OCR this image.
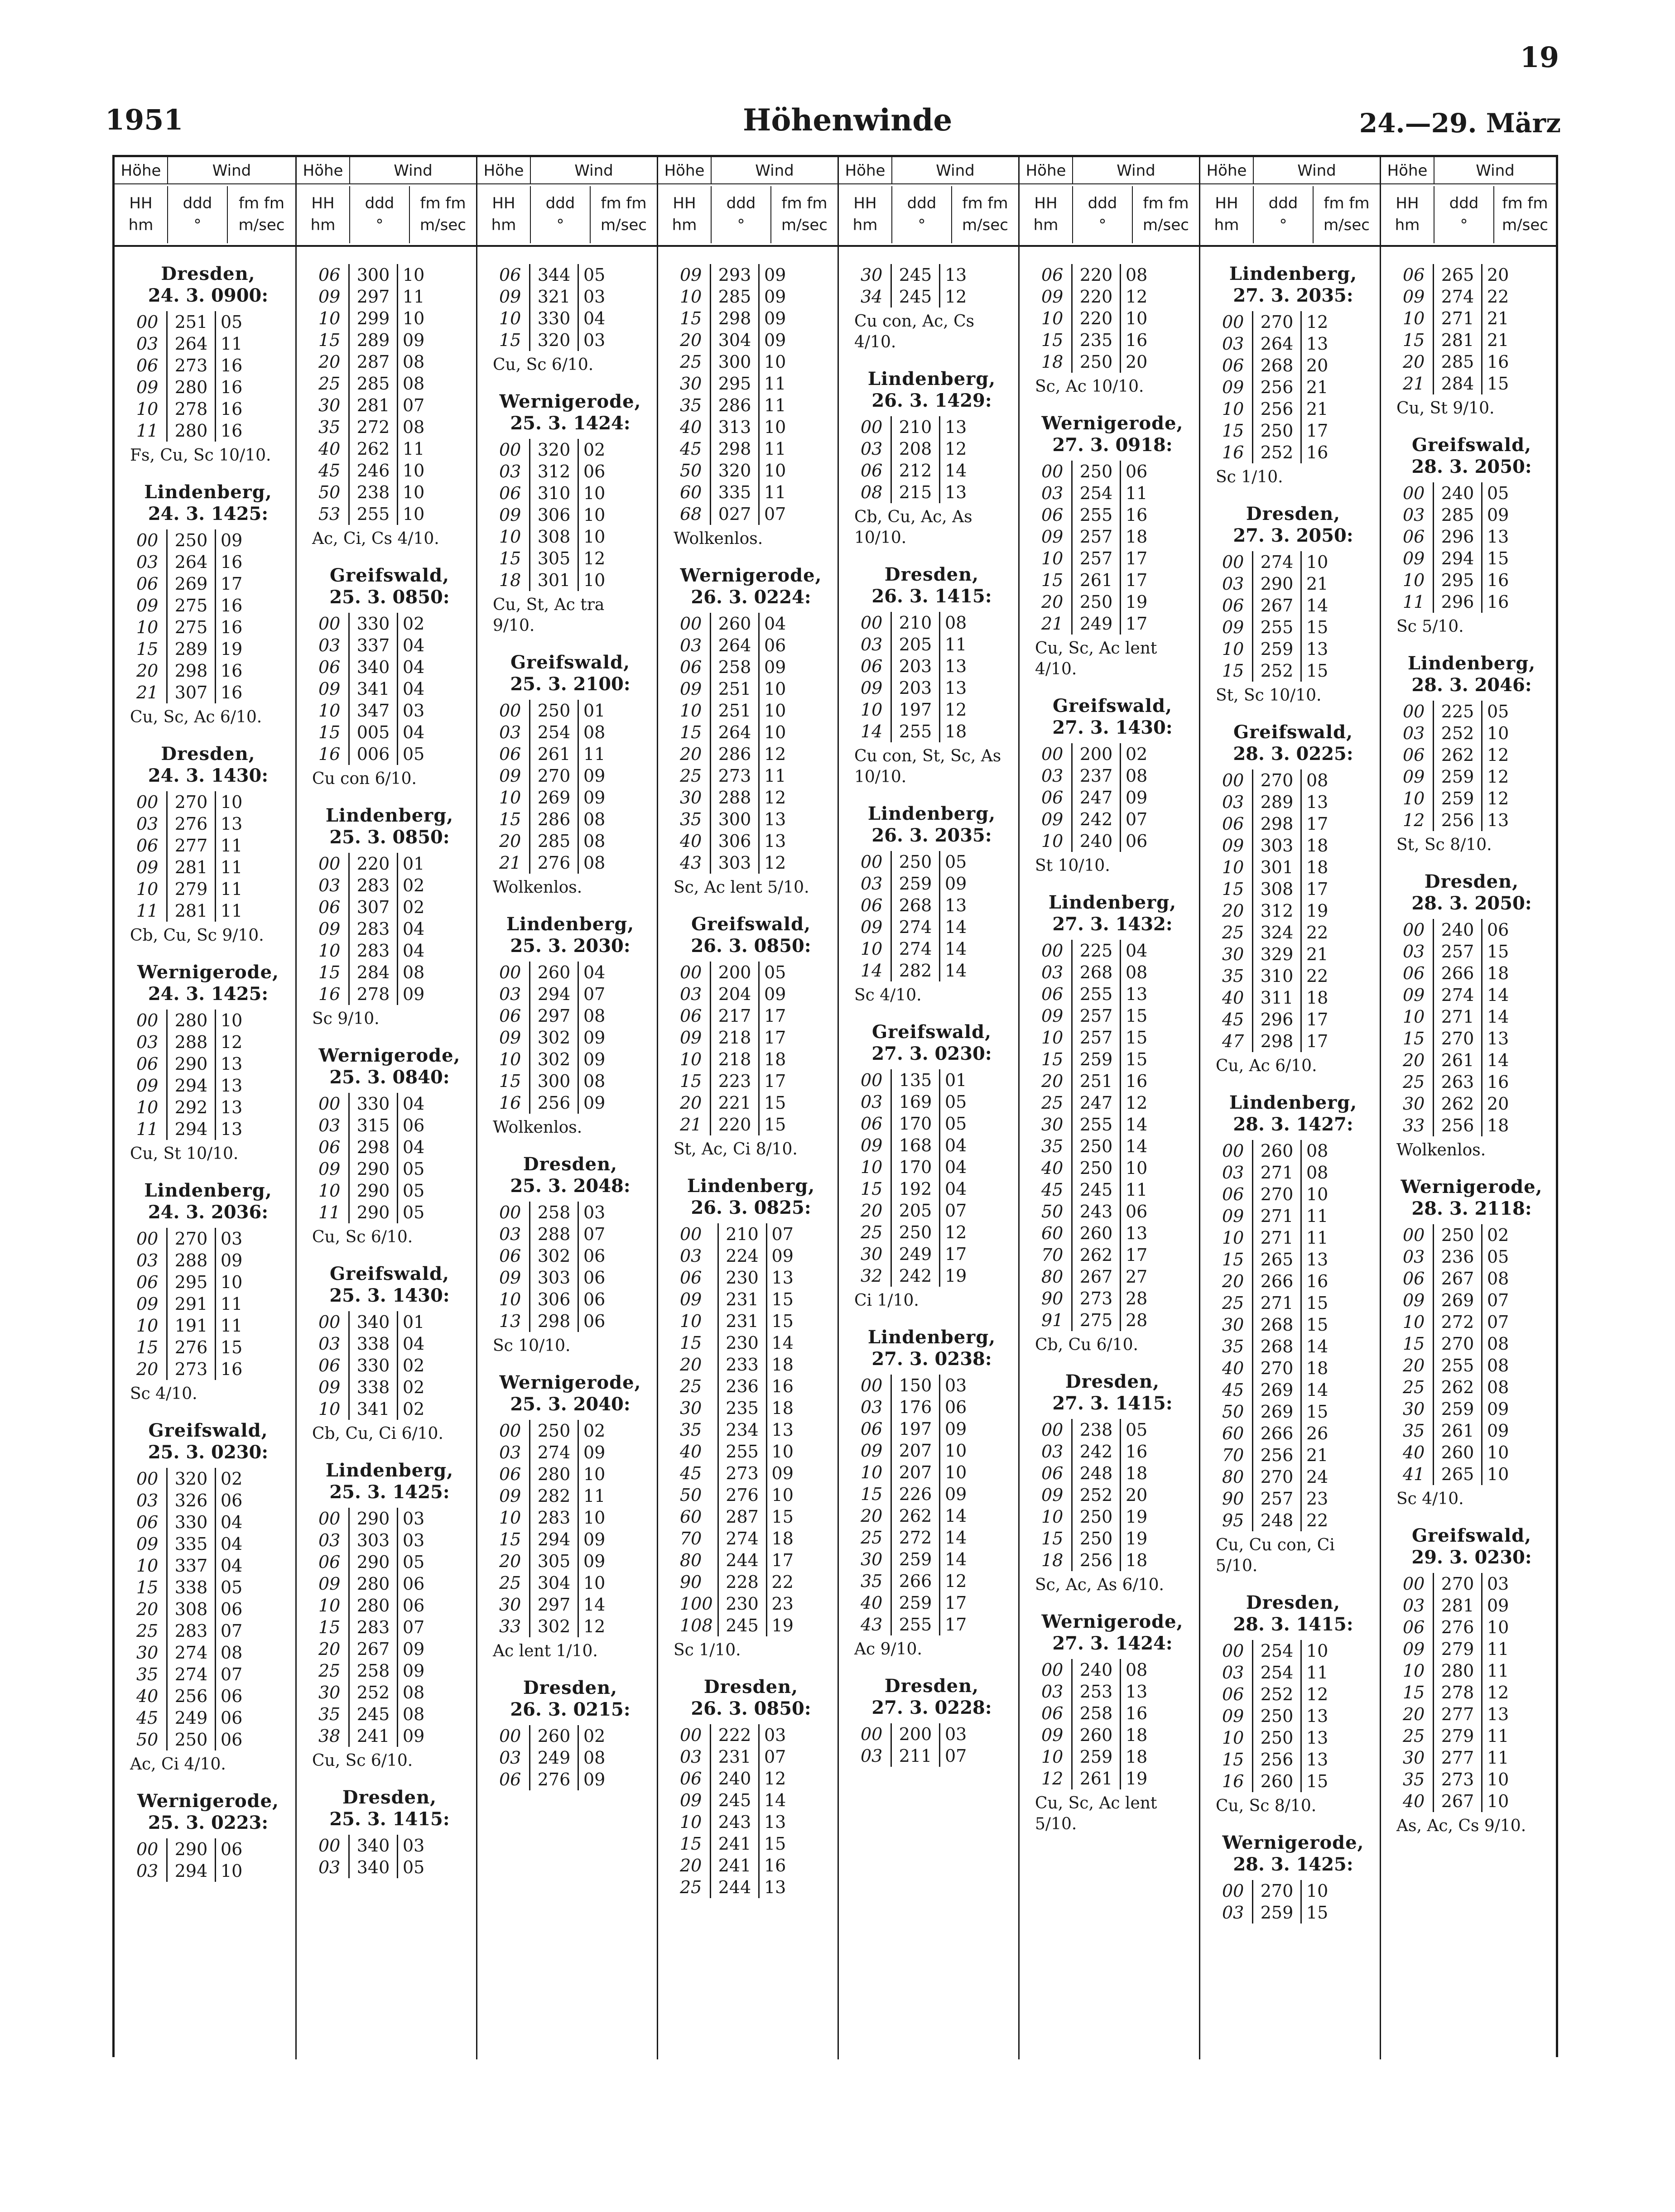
19
1951	Höhenwinde	24.—29. März
Höhe	Wind
HH
hm
ddd
°
fm fm
m/sec
Dresden,
24. 3. 0900:
00	251	05
03	264	11
06	273	16
09	280	16
10	278	16
11	280	16
Fs, Cu, Sc 10/10.
Lindenberg,
24. 3. 1425:
00	250	09
03	264	16
06	269	17
09	275	16
10	275	16
15	289	19
20	298	16
21	307	16
Cu, Sc, Ac 6/10.
Dresden,
24. 3. 1430:
00	270	10
03	276	13
06	277	11
09	281	11
10	279	11
11	281	11
Cb, Cu, Sc 9/10.
Wernigerode,
24. 3. 1425:
00	280	10
03	288	12
06	290	13
09	294	13
10	292	13
11	294	13
Cu, St 10/10.
Lindenberg,
24. 3. 2036:
00	270	03
03	288	09
06	295	10
09	291	11
10	191	11
15	276	15
20	273	16
Sc 4/10.
Greifswald,
25. 3. 0230:
00	320	02
03	326	06
06	330	04
09	335	04
10	337	04
15	338	05
20	308	06
25	283	07
30	274	08
35	274	07
40	256	06
45	249	06
50	250	06
Ac, Ci 4/10.
Wernigerode,
25. 3. 0223:
00	290	06
03	294	10
Höhe	Wind
HH
hm
ddd
°
fm fm
m/sec
06	300	10
09	297	11
10	299	10
15	289	09
20	287	08
25	285	08
30	281	07
35	272	08
40	262	11
45	246	10
50	238	10
53	255	10
Ac, Ci, Cs 4/10.
Greifswald,
25. 3. 0850:
00	330	02
03	337	04
06	340	04
09	341	04
10	347	03
15	005	04
16	006	05
Cu con 6/10.
Lindenberg,
25. 3. 0850:
00	220	01
03	283	02
06	307	02
09	283	04
10	283	04
15	284	08
16	278	09
Sc 9/10.
Wernigerode,
25. 3. 0840:
00	330	04
03	315	06
06	298	04
09	290	05
10	290	05
11	290	05
Cu, Sc 6/10.
Greifswald,
25. 3. 1430:
00	340	01
03	338	04
06	330	02
09	338	02
10	341	02
Cb, Cu, Ci 6/10.
Lindenberg,
25. 3. 1425:
00	290	03
03	303	03
06	290	05
09	280	06
10	280	06
15	283	07
20	267	09
25	258	09
30	252	08
35	245	08
38	241	09
Cu, Sc 6/10.
Dresden,
25. 3. 1415:
00	340	03
03	340	05
Höhe	Wind
HH
hm
ddd
°
fm fm
m/sec
06	344	05
09	321	03
10	330	04
15	320	03
Cu, Sc 6/10.
Wernigerode,
25. 3. 1424:
00	320	02
03	312	06
06	310	10
09	306	10
10	308	10
15	305	12
18	301	10
Cu, St, Ac tra 9/10.
Greifswald,
25. 3. 2100:
00	250	01
03	254	08
06	261	11
09	270	09
10	269	09
15	286	08
20	285	08
21	276	08
Wolkenlos.
Lindenberg,
25. 3. 2030:
00	260	04
03	294	07
06	297	08
09	302	09
10	302	09
15	300	08
16	256	09
Wolkenlos.
Dresden,
25. 3. 2048:
00	258	03
03	288	07
06	302	06
09	303	06
10	306	06
13	298	06
Sc 10/10.
Wernigerode,
25. 3. 2040:
00	250	02
03	274	09
06	280	10
09	282	11
10	283	10
15	294	09
20	305	09
25	304	10
30	297	14
33	302	12
Ac lent 1/10.
Dresden,
26. 3. 0215:
00	260	02
03	249	08
06	276	09
Höhe	Wind
HH
hm
ddd
°
fm fm
m/sec
09	293	09
10	285	09
15	298	09
20	304	09
25	300	10
30	295	11
35	286	11
40	313	10
45	298	11
50	320	10
60	335	11
68	027	07
Wolkenlos.
Wernigerode,
26. 3. 0224:
00	260	04
03	264	06
06	258	09
09	251	10
10	251	10
15	264	10
20	286	12
25	273	11
30	288	12
35	300	13
40	306	13
43	303	12
Sc, Ac lent 5/10.
Greifswald,
26. 3. 0850:
00	200	05
03	204	09
06	217	17
09	218	17
10	218	18
15	223	17
20	221	15
21	220	15
St, Ac, Ci 8/10.
Lindenberg,
26. 3. 0825:
00	210	07
03	224	09
06	230	13
09	231	15
10	231	15
15	230	14
20	233	18
25	236	16
30	235	18
35	234	13
40	255	10
45	273	09
50	276	10
60	287	15
70	274	18
80	244	17
90	228	22
100	230	23
108	245	19
Sc 1/10.
Dresden,
26. 3. 0850:
00	222	03
03	231	07
06	240	12
09	245	14
10	243	13
15	241	15
20	241	16
25	244	13
Höhe	Wind
HH
hm
ddd
°
fm fm
m/sec
30	245	13
34	245	12
Cu con, Ac, Cs 4/10.
Lindenberg,
26. 3. 1429:
00	210	13
03	208	12
06	212	14
08	215	13
Cb, Cu, Ac, As 10/10.
Dresden,
26. 3. 1415:
00	210	08
03	205	11
06	203	13
09	203	13
10	197	12
14	255	18
Cu con, St, Sc, As 10/10.
Lindenberg,
26. 3. 2035:
00	250	05
03	259	09
06	268	13
09	274	14
10	274	14
14	282	14
Sc 4/10.
Greifswald,
27. 3. 0230:
00	135	01
03	169	05
06	170	05
09	168	04
10	170	04
15	192	04
20	205	07
25	250	12
30	249	17
32	242	19
Ci 1/10.
Lindenberg,
27. 3. 0238:
00	150	03
03	176	06
06	197	09
09	207	10
10	207	10
15	226	09
20	262	14
25	272	14
30	259	14
35	266	12
40	259	17
43	255	17
Ac 9/10.
Dresden,
27. 3. 0228:
00	200	03
03	211	07
Höhe	Wind
HH
hm
ddd
°
fm fm
m/sec
06	220	08
09	220	12
10	220	10
15	235	16
18	250	20
Sc, Ac 10/10.
Wernigerode,
27. 3. 0918:
00	250	06
03	254	11
06	255	16
09	257	18
10	257	17
15	261	17
20	250	19
21	249	17
Cu, Sc, Ac lent 4/10.
Greifswald,
27. 3. 1430:
00	200	02
03	237	08
06	247	09
09	242	07
10	240	06
St 10/10.
Lindenberg,
27. 3. 1432:
00	225	04
03	268	08
06	255	13
09	257	15
10	257	15
15	259	15
20	251	16
25	247	12
30	255	14
35	250	14
40	250	10
45	245	11
50	243	06
60	260	13
70	262	17
80	267	27
90	273	28
91	275	28
Cb, Cu 6/10.
Dresden,
27. 3. 1415:
00	238	05
03	242	16
06	248	18
09	252	20
10	250	19
15	250	19
18	256	18
Sc, Ac, As 6/10.
Wernigerode,
27. 3. 1424:
00	240	08
03	253	13
06	258	16
09	260	18
10	259	18
12	261	19
Cu, Sc, Ac lent 5/10.
Höhe	Wind
HH
hm
ddd
°
fm fm
m/sec
Lindenberg,
27. 3. 2035:
00	270	12
03	264	13
06	268	20
09	256	21
10	256	21
15	250	17
16	252	16
Sc 1/10.
Dresden,
27. 3. 2050:
00	274	10
03	290	21
06	267	14
09	255	15
10	259	13
15	252	15
St, Sc 10/10.
Greifswald,
28. 3. 0225:
00	270	08
03	289	13
06	298	17
09	303	18
10	301	18
15	308	17
20	312	19
25	324	22
30	329	21
35	310	22
40	311	18
45	296	17
47	298	17
Cu, Ac 6/10.
Lindenberg,
28. 3. 1427:
00	260	08
03	271	08
06	270	10
09	271	11
10	271	11
15	265	13
20	266	16
25	271	15
30	268	15
35	268	14
40	270	18
45	269	14
50	269	15
60	266	26
70	256	21
80	270	24
90	257	23
95	248	22
Cu, Cu con, Ci 5/10.
Dresden,
28. 3. 1415:
00	254	10
03	254	11
06	252	12
09	250	13
10	250	13
15	256	13
16	260	15
Cu, Sc 8/10.
Wernigerode,
28. 3. 1425:
00	270	10
03	259	15
Höhe	Wind
HH
hm
ddd
°
fm fm
m/sec
06	265	20
09	274	22
10	271	21
15	281	21
20	285	16
21	284	15
Cu, St 9/10.
Greifswald,
28. 3. 2050:
00	240	05
03	285	09
06	296	13
09	294	15
10	295	16
11	296	16
Sc 5/10.
Lindenberg,
28. 3. 2046:
00	225	05
03	252	10
06	262	12
09	259	12
10	259	12
12	256	13
St, Sc 8/10.
Dresden,
28. 3. 2050:
00	240	06
03	257	15
06	266	18
09	274	14
10	271	14
15	270	13
20	261	14
25	263	16
30	262	20
33	256	18
Wolkenlos.
Wernigerode,
28. 3. 2118:
00	250	02
03	236	05
06	267	08
09	269	07
10	272	07
15	270	08
20	255	08
25	262	08
30	259	09
35	261	09
40	260	10
41	265	10
Sc 4/10.
Greifswald,
29. 3. 0230:
00	270	03
03	281	09
06	276	10
09	279	11
10	280	11
15	278	12
20	277	13
25	279	11
30	277	11
35	273	10
40	267	10
As, Ac, Cs 9/10.
